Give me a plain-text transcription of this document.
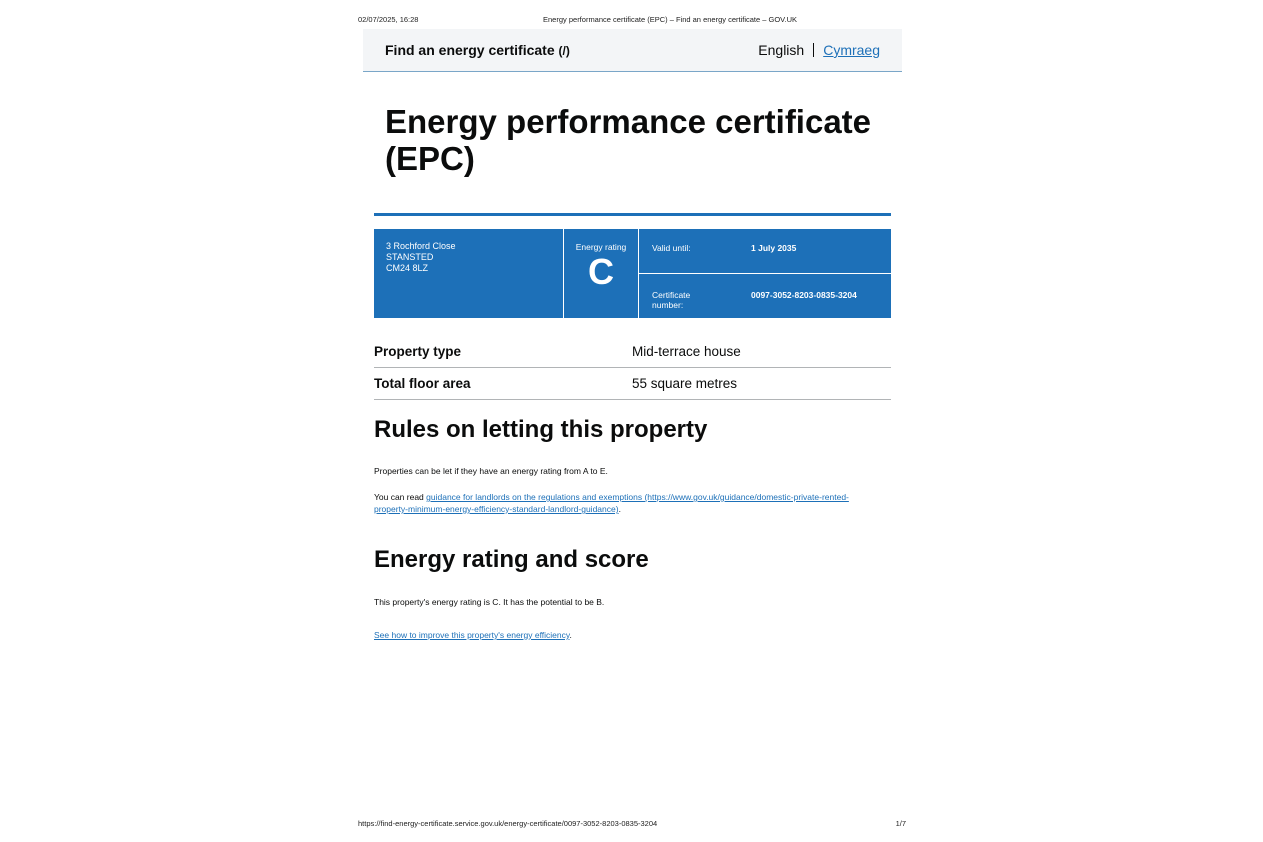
02/07/2025, 16:28	Energy performance certificate (EPC) – Find an energy certificate – GOV.UK
Find an energy certificate (/)	English Cymraeg
Energy performance certificate (EPC)
3 Rochford Close
STANSTED
CM24 8LZ
Energy rating
C
Valid until:	1 July 2035
Certificate number:
0097-3052-8203-0835-3204
Property type	Mid-terrace house
Total floor area	55 square metres
Rules on letting this property
Properties can be let if they have an energy rating from A to E.
You can read guidance for landlords on the regulations and exemptions (https://www.gov.uk/guidance/domestic-private-rented-property-minimum-energy-efficiency-standard-landlord-guidance).
Energy rating and score
This property's energy rating is C. It has the potential to be B.
See how to improve this property's energy efficiency.
https://find-energy-certificate.service.gov.uk/energy-certificate/0097-3052-8203-0835-3204	1/7
